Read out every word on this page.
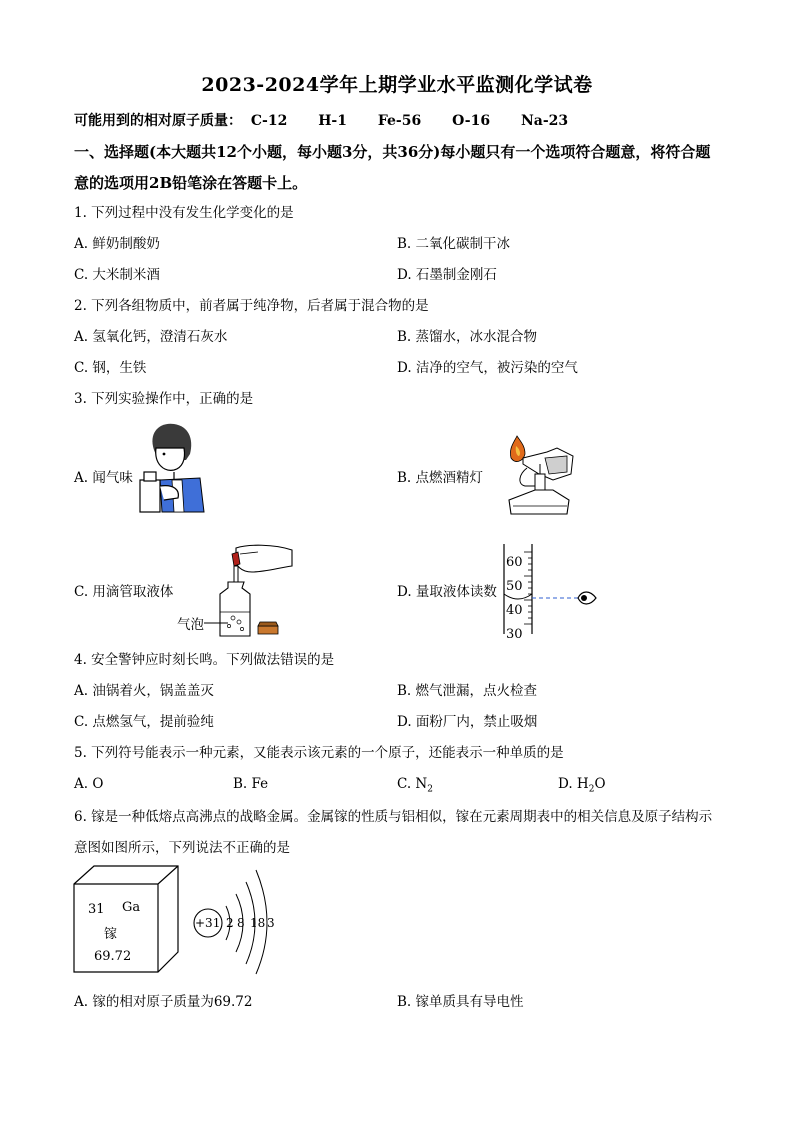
2023-2024学年上期学业水平监测化学试卷
可能用到的相对原子质量： C-12 H-1 Fe-56 O-16 Na-23
一、选择题(本大题共12个小题，每小题3分，共36分)每小题只有一个选项符合题意，将符合题意的选项用2B铅笔涂在答题卡上。
1. 下列过程中没有发生化学变化的是
A. 鲜奶制酸奶	B. 二氧化碳制干冰
C. 大米制米酒	D. 石墨制金刚石
2. 下列各组物质中，前者属于纯净物，后者属于混合物的是
A. 氢氧化钙，澄清石灰水	B. 蒸馏水，冰水混合物
C. 钢，生铁	D. 洁净的空气，被污染的空气
3. 下列实验操作中，正确的是
A. 闻气味	B. 点燃酒精灯
C. 用滴管取液体
气泡
D. 量取液体读数
60
50
40
30
4. 安全警钟应时刻长鸣。下列做法错误的是
A. 油锅着火，锅盖盖灭	B. 燃气泄漏，点火检查
C. 点燃氢气，提前验纯	D. 面粉厂内，禁止吸烟
5. 下列符号能表示一种元素，又能表示该元素的一个原子，还能表示一种单质的是
A. O	B. Fe	C. $N_2$	D. $H_2O$
6. 镓是一种低熔点高沸点的战略金属。金属镓的性质与铝相似，镓在元素周期表中的相关信息及原子结构示意图如图所示，下列说法不正确的是
31 Ga
镓
69.72
+31 2 8 18 3
A. 镓的相对原子质量为69.72	B. 镓单质具有导电性
